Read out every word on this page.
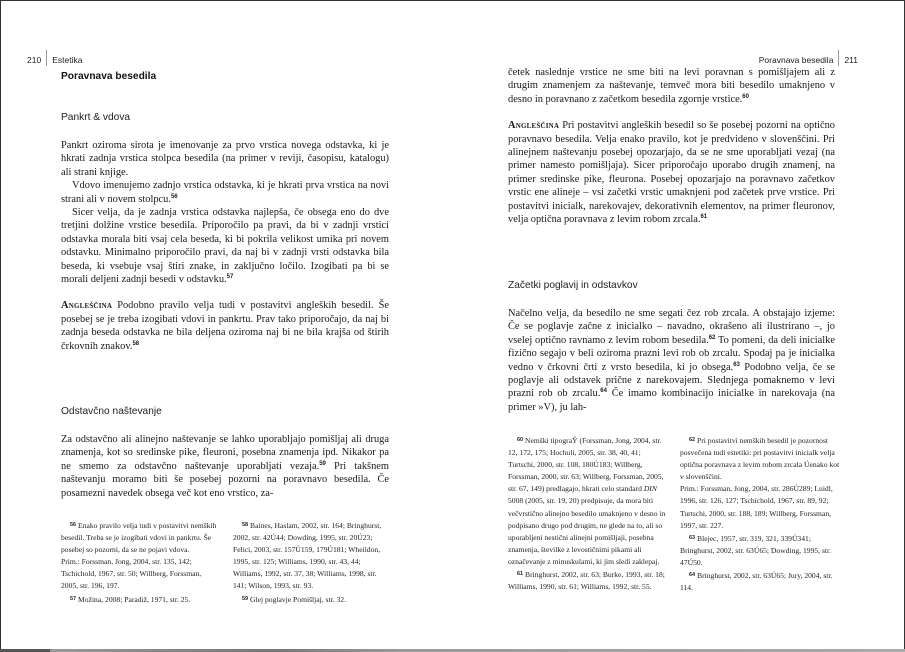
210	Estetika
Poravnava besedila
Pankrt & vdova

Pankrt oziroma sirota je imenovanje za prvo vrstica novega odstavka, ki je hkrati zadnja vrstica stolpca besedila (na primer v reviji, časopisu, katalogu) ali strani knjige.

Vdovo imenujemo zadnjo vrstica odstavka, ki je hkrati prva vrstica na novi strani ali v novem stolpcu.$^{56}$

Sicer velja, da je zadnja vrstica odstavka najlepša, če obsega eno do dve tretjini dolžine vrstice besedila. Priporočilo pa pravi, da bi v zadnji vrstici odstavka morala biti vsaj cela beseda, ki bi pokrila velikost umika pri novem odstavku. Minimalno priporočilo pravi, da naj bi v zadnji vrsti odstavka bila beseda, ki vsebuje vsaj štiri znake, in zaključno ločilo. Izogibati pa bi se morali deljeni zadnji besedi v odstavku.$^{57}$

Angleščina Podobno pravilo velja tudi v postavitvi angleških besedil. Še posebej se je treba izogibati vdovi in pankrtu. Prav tako priporočajo, da naj bi zadnja beseda odstavka ne bila deljena oziroma naj bi ne bila krajša od štirih črkovnih znakov.$^{58}$

Odstavčno naštevanje

Za odstavčno ali alinejno naštevanje se lahko uporabljajo pomišljaj ali druga znamenja, kot so sredinske pike, fleuroni, posebna znamenja ipd. Nikakor pa ne smemo za odstavčno naštevanje uporabljati vezaja.$^{59}$ Pri takšnem naštevanju moramo biti še posebej pozorni na poravnavo besedila. Če posamezni navedek obsega več kot eno vrstico, za-

$^{56}$ Enako pravilo velja tudi v postavitvi nemških besedil. Treba se je izogibati vdovi in pankrtu. Še posebej so pozorni, da se ne pojavi vdova.

Prim.: Forssman, Jong, 2004, str. 135, 142; Tschichold, 1967, str. 50; Willberg, Forssman, 2005, str. 196, 197.

$^{57}$ Možina, 2008; Paradiž, 1971, str. 25.

$^{58}$ Baines, Haslam, 2002, str. 164; Bringhurst, 2002, str. 42Ú44; Dowding, 1995, str. 20Ú23; Felici, 2003, str. 157Ú159, 179Ú181; Wheildon, 1995, str. 125; Williams, 1990, str. 43, 44; Williams, 1992, str. 37, 38; Williams, 1998, str. 141; Wilson, 1993, str. 93.

$^{59}$ Glej poglavje Pomišljaj, str. 32.

Poravnava besedila	211

četek naslednje vrstice ne sme biti na levi poravnan s pomišljajem ali z drugim znamenjem za naštevanje, temveč mora biti besedilo umaknjeno v desno in poravnano z začetkom besedila zgornje vrstice.$^{60}$

Angleščina Pri postavitvi angleških besedil so še posebej pozorni na optično poravnavo besedila. Velja enako pravilo, kot je predvideno v slovenščini. Pri alinejnem naštevanju posebej opozarjajo, da se ne sme uporabljati vezaj (na primer namesto pomišljaja). Sicer priporočajo uporabo drugih znamenj, na primer sredinske pike, fleurona. Posebej opozarjajo na poravnavo začetkov vrstic ene alineje – vsi začetki vrstic umaknjeni pod začetek prve vrstice. Pri postavitvi inicialk, narekovajev, dekorativnih elementov, na primer fleuronov, velja optična poravnava z levim robom zrcala.$^{61}$

Začetki poglavij in odstavkov

Načelno velja, da besedilo ne sme segati čez rob zrcala. A obstajajo izjeme: Če se poglavje začne z inicialko – navadno, okrašeno ali ilustrirano –, jo vselej optično ravnamo z levim robom besedila.$^{62}$ To pomeni, da deli inicialke fizično segajo v beli oziroma prazni levi rob ob zrcalu. Spodaj pa je inicialka vedno v črkovni črti z vrsto besedila, ki jo obsega.$^{63}$ Podobno velja, če se poglavje ali odstavek prične z narekovajem. Slednjega pomaknemo v levi prazni rob ob zrcalu.$^{64}$ Če imamo kombinacijo inicialke in narekovaja (na primer »V), ju lah-

$^{60}$ Nemški tipograŶ (Forssman, Jong, 2004, str. 12, 172, 175; Hochuli, 2005, str. 38, 40, 41; Turtschi, 2000, str. 108, 180Ú183; Willberg, Forssman, 2000, str. 63; Willberg, Forssman, 2005, str. 67, 149) predlagajo, hkrati celo standard DIN 5008 (2005, str. 19, 20) predpisuje, da mora biti večvrstično alinejno besedilo umaknjeno v desno in podpisano drugo pod drugim, ne glede na to, ali so uporabljeni nestični alinejni pomišljaji, posebna znamenja, številke z levostičnimi pikami ali označevanje z minuskulami, ki jim sledi zaklepaj.

$^{61}$ Bringhurst, 2002, str. 63; Burke, 1993, str. 18; Williams, 1990, str. 61; Williams, 1992, str. 55.

$^{62}$ Pri postavitvi nemških besedil je pozornost posvečena tudi estetiki: pri postavitvi inicialk velja optična poravnava z levim robom zrcala Úenako kot v slovenščini.

Prim.: Forssman, Jong, 2004, str. 286Ú289; Luidl, 1996, str. 126, 127; Tschichold, 1967, str. 89, 92; Turtschi, 2000, str. 188, 189; Willberg, Forssman, 1997, str. 227.

$^{63}$ Blejec, 1957, str. 319, 321, 339Ú341; Bringhurst, 2002, str. 63Ú65; Dowding, 1995, str. 47Ú50.

$^{64}$ Bringhurst, 2002, str. 63Ú65; Jury, 2004, str. 114.
